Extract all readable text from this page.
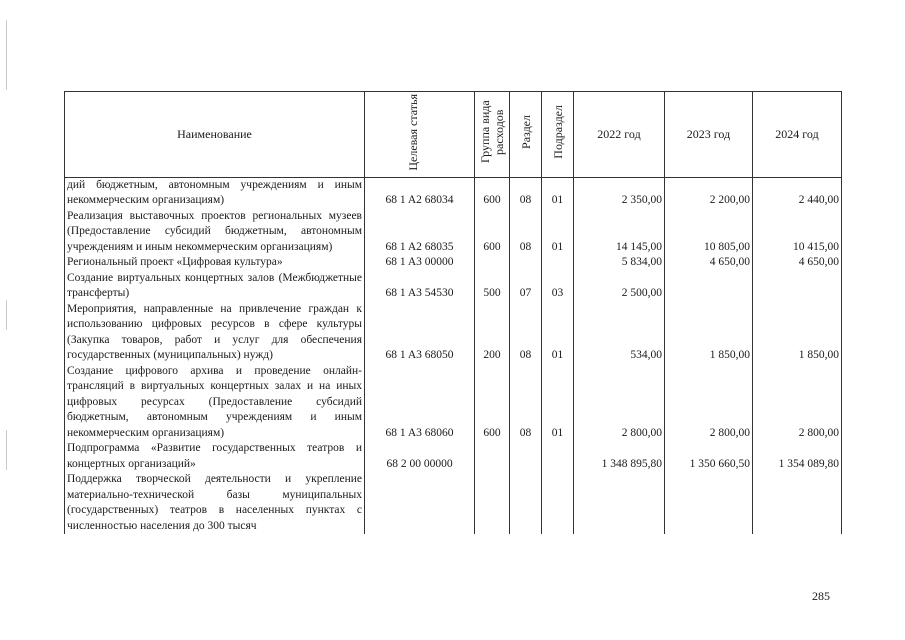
Наименование	Целевая статья	Группа вида расходов	Раздел	Подраздел	2022 год	2023 год	2024 год
дий бюджетным, автономным учреждениям и иным некоммерческим организациям)	68 1 A2 68034	600	08	01	2 350,00	2 200,00	2 440,00
Реализация выставочных проектов региональных музеев (Предоставление субсидий бюджетным, автономным учреждениям и иным некоммерческим организациям)	68 1 A2 68035	600	08	01	14 145,00	10 805,00	10 415,00
Региональный проект «Цифровая культура»	68 1 A3 00000				5 834,00	4 650,00	4 650,00
Создание виртуальных концертных залов (Межбюджетные трансферты)	68 1 A3 54530	500	07	03	2 500,00		
Мероприятия, направленные на привлечение граждан к использованию цифровых ресурсов в сфере культуры (Закупка товаров, работ и услуг для обеспечения государственных (муниципальных) нужд)	68 1 A3 68050	200	08	01	534,00	1 850,00	1 850,00
Создание цифрового архива и проведение онлайн-трансляций в виртуальных концертных залах и на иных цифровых ресурсах (Предоставление субсидий бюджетным, автономным учреждениям и иным некоммерческим организациям)	68 1 A3 68060	600	08	01	2 800,00	2 800,00	2 800,00
Подпрограмма «Развитие государственных театров и концертных организаций»	68 2 00 00000				1 348 895,80	1 350 660,50	1 354 089,80
Поддержка творческой деятельности и укрепление материально-технической базы муниципальных (государственных) театров в населенных пунктах с численностью населения до 300 тысяч							
285
